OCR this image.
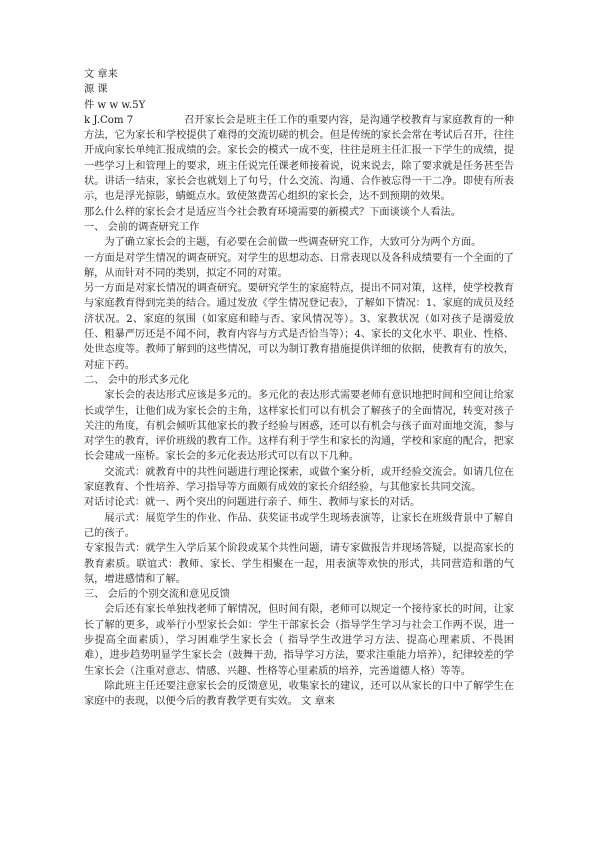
文 章来

源 课

件 w w w.5Y

k J.Com 7	召开家长会是班主任工作的重要内容，是沟通学校教育与家庭教育的一种方法，它为家长和学校提供了难得的交流切磋的机会。但是传统的家长会常在考试后召开，往往开成向家长单纯汇报成绩的会。家长会的模式一成不变，往往是班主任汇报一下学生的成绩，提一些学习上和管理上的要求，班主任说完任课老师接着说，说来说去，除了要求就是任务甚至告状。讲话一结束，家长会也就划上了句号，什么交流、沟通、合作被忘得一干二净。即使有所表示，也是浮光掠影，蜻蜓点水。致使煞费苦心组织的家长会，达不到预期的效果。

那么什么样的家长会才是适应当今社会教育环境需要的新模式？下面谈谈个人看法。

一、 会前的调查研究工作

为了确立家长会的主题，有必要在会前做一些调查研究工作，大致可分为两个方面。

一方面是对学生情况的调查研究。对学生的思想动态、日常表现以及各科成绩要有一个全面的了解，从而针对不同的类别，拟定不同的对策。

另一方面是对家长情况的调查研究。要研究学生的家庭特点，提出不同对策，这样，使学校教育与家庭教育得到完美的结合。通过发放《学生情况登记表》，了解如下情况：1、家庭的成员及经济状况。2、家庭的氛围（如家庭和睦与否、家风情况等）。3、家教状况（如对孩子是溺爱放任、粗暴严厉还是不闻不问，教育内容与方式是否恰当等）；4、家长的文化水平、职业、性格、处世态度等。教师了解到的这些情况，可以为制订教育措施提供详细的依据，使教育有的放矢，对症下药。

二、 会中的形式多元化

家长会的表达形式应该是多元的。多元化的表达形式需要老师有意识地把时间和空间让给家长或学生，让他们成为家长会的主角，这样家长们可以有机会了解孩子的全面情况，转变对孩子关注的角度，有机会倾听其他家长的教子经验与困惑，还可以有机会与孩子面对面地交流，参与对学生的教育，评价班级的教育工作。这样有利于学生和家长的沟通，学校和家庭的配合，把家长会建成一座桥。家长会的多元化表达形式可以有以下几种。

交流式：就教育中的共性问题进行理论探索，或做个案分析，或开经验交流会。如请几位在家庭教育、个性培养、学习指导等方面颇有成效的家长介绍经验，与其他家长共同交流。

对话讨论式：就一、两个突出的问题进行亲子、师生、教师与家长的对话。

展示式：展览学生的作业、作品、获奖证书或学生现场表演等，让家长在班级背景中了解自己的孩子。

专家报告式：就学生入学后某个阶段或某个共性问题，请专家做报告并现场答疑，以提高家长的教育素质。联谊式：教师、家长、学生相聚在一起，用表演等欢快的形式，共同营造和谐的气氛，增进感情和了解。

三、 会后的个别交流和意见反馈

会后还有家长单独找老师了解情况，但时间有限，老师可以规定一个接待家长的时间，让家长了解的更多，或举行小型家长会如：学生干部家长会（指导学生学习与社会工作两不误，进一步提高全面素质），学习困难学生家长会（ 指导学生改进学习方法、提高心理素质、不畏困难），进步趋势明显学生家长会（鼓舞干劲，指导学习方法，要求注重能力培养），纪律较差的学生家长会（注重对意志、情感、兴趣、性格等心里素质的培养，完善道德人格）等等。

除此班主任还要注意家长会的反馈意见，收集家长的建议，还可以从家长的口中了解学生在家庭中的表现，以便今后的教育教学更有实效。 文 章来
